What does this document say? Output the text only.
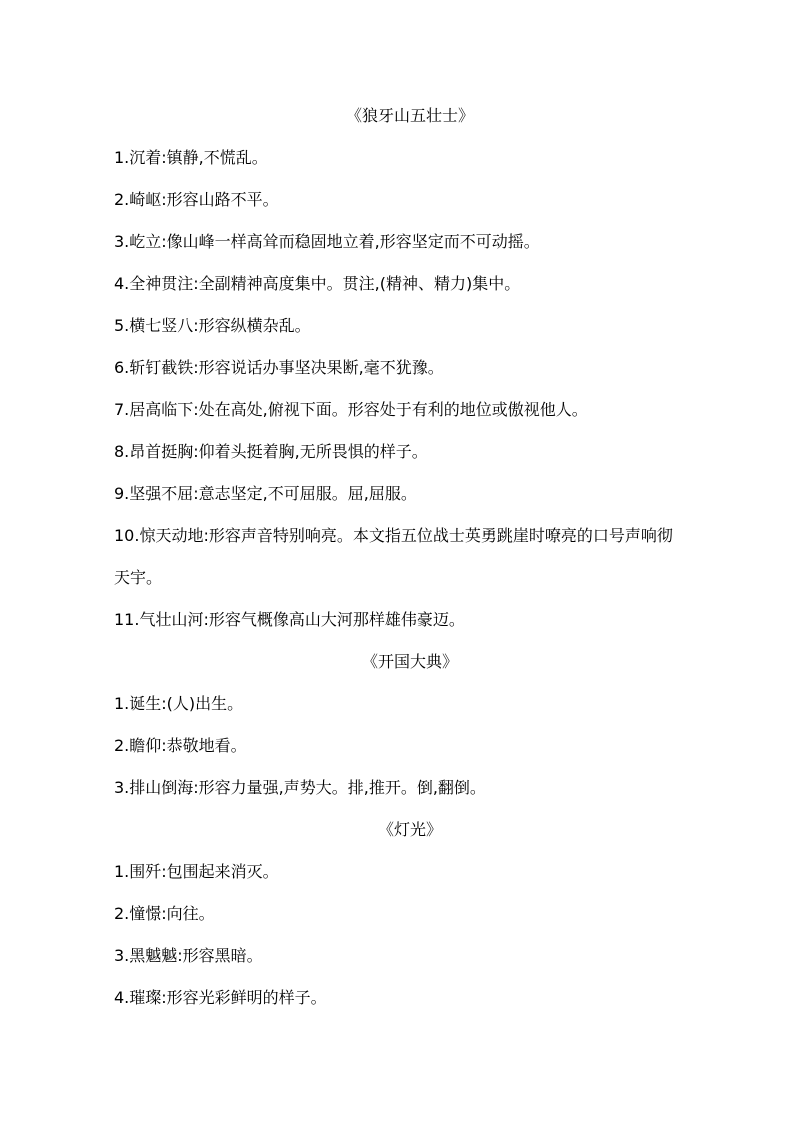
《狼牙山五壮士》
1.沉着:镇静,不慌乱。
2.崎岖:形容山路不平。
3.屹立:像山峰一样高耸而稳固地立着,形容坚定而不可动摇。
4.全神贯注:全副精神高度集中。贯注,(精神、精力)集中。
5.横七竖八:形容纵横杂乱。
6.斩钉截铁:形容说话办事坚决果断,毫不犹豫。
7.居高临下:处在高处,俯视下面。形容处于有利的地位或傲视他人。
8.昂首挺胸:仰着头挺着胸,无所畏惧的样子。
9.坚强不屈:意志坚定,不可屈服。屈,屈服。
10.惊天动地:形容声音特别响亮。本文指五位战士英勇跳崖时嘹亮的口号声响彻天宇。
11.气壮山河:形容气概像高山大河那样雄伟豪迈。
《开国大典》
1.诞生:(人)出生。
2.瞻仰:恭敬地看。
3.排山倒海:形容力量强,声势大。排,推开。倒,翻倒。
《灯光》
1.围歼:包围起来消灭。
2.憧憬:向往。
3.黑魆魆:形容黑暗。
4.璀璨:形容光彩鲜明的样子。
